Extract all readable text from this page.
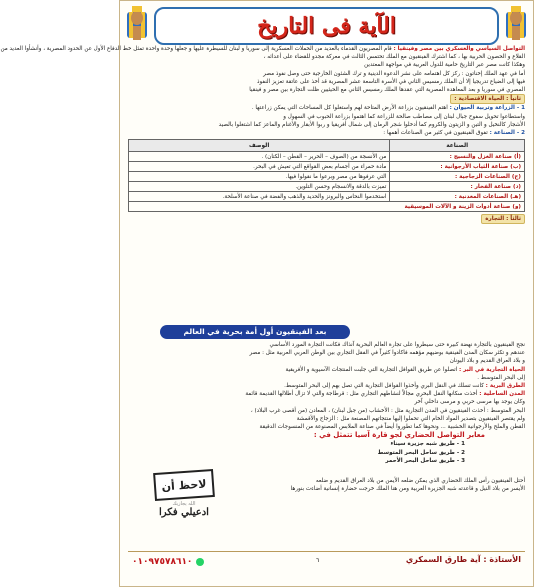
الآية فى التاريخ
التواصل السياسي والعسكري بين مصر وفينقيا : قام المصريون القدماء بالعديد من الحملات العسكرية إلى سوريا و لبنان للسيطرة عليها و جعلها وحدة واحدة تمثل خط الدفاع الأول عن الحدود المصرية ، وأنشأوا العديد من
القلاع و الحصون الحربية بها ، كما اشترك الفينقيون مع الملك تحتمس الثالث في معركة مجدو للقضاء على أعدائه ،
وهكذا كانت مصر عبر التاريخ حامية للدول العربية في مواجهة المعتدين
أما في عهد الملك إخناتون : ركز كل اهتمامه على نشر الدعوة الدينية و ترك الشئون الخارجية حتى وصل نفوذ مصر
فيها إلى الضياع تدريجيا إلا أن الملك رمسيس الثاني في الأسرة التاسعة عشر المصرية قد أخذ على عاتقة تعزيز النفوذ
المصري في سوريا و بعد المعاهدة المصرية التي عقدها الملك رمسيس الثاني مع الحيثيين ظلت التجارة بين مصر و فينقيا
ثانياً : الحياة الاقتصادية :
1 - الزراعة وتربية الحيوان : اهتم الفينقيون بزراعة الأرض المتاحة لهم واستغلوا كل المساحات التي يمكن زراعتها .
واستطاعوا تحويل سفوح جبال لبنان إلى مصاطب صالحة للزراعة كما اهتموا بزراعة الحبوب في السهول و
الأشجار كالنخيل و التين و الزيتون والكروم كما أدخلوا شجر الرمان إلى شمال أفريقيا و ربوا الأبقار والأغنام والماعز كما اشتغلوا بالصيد
2 - الصناعة : تفوق الفينقيون في كثير من الصناعات أهمها :
الصناعة	الوصف
(أ) صناعة الغزل والنسيج :	من الأنسجة من (الصوف – الحرير – القطن – الكتان) .
(ب) صناعة الثياب الأرجوانية :	مادة حمراء من أجسام بعض القواقع التي تعيش في البحر.
(ج) الصناعات الزجاجية :	التي عرفوها من مصر وبرعوا ما نقولوا فيها.
(د) صناعة الفخار :	تميزت بالدقة والانسجام وحسن التلوين.
(هـ) الصناعات المعدنية :	استخدموا النحاس والبرونز والحديد والذهب والفضة في صناعة الأسلحة.
(و) صناعة أدوات الزينة و الآلات الموسيقية	
ثالثاً : التجارة
بعد الفينقيون أول أمة بحرية في العالم
نجح الفينقيون بالتجارة نهضة كبيرة حتى سيطروا على تجارة العالم البحرية آنذاك فكانت التجارة المورد الأساسي
عندهم و تكثر سكان المدن الفينقية بوضيهم مؤهمه فاكادوا كثيراً في الفقل التجاري بين الوطن العربي العربية مثل : مصر
و بلاد العراق القديم و بلاد اليونان
الحياة التجارية في البر : اتصلوا عن طريق القوافل التجارية التي جلبت المنتجات الآسيوية و الأفريقية
إلى البحر المتوسط .
الطرق البرية : كانت تسلك في النقل البري وأخذوا القوافل التجارية التي تصل بهم إلى البحر المتوسط.
المدن الساحلية : أخذت سكانها النقل البحري مجالاً لنشاطهم التجاري مثل : قرطاجة والتي لا تزال أطلالها القديمة قائمة
وكان يوجد بها مرسى حربي و مرسى داخلي آخر
البحر المتوسط : أخذت الفينقيون في المدن التجارية مثل : الأخشاب (من جبل لبنان) ، المعادن (من أقصى غرب البلاد) ،
ولم يقتصر الفينقيون بتصدير المواد الخام التي تحملوا إليها منتجاتهم المصنعة مثل : الزجاج والأقمشة
القطن والملح والأرجوانية الخشبية ... ونحوها كما تطوروا أيضاً في صناعة الملابس المصنوعة من المنسوجات الدقيقة
معابر التواصل الحضاري لجو قارة آسيا تتمثل في :
1 - طريق شبه جزيرة سيناء
2 - طريق ساحل البحر المتوسط
3 - طريق ساحل البحر الأحمر
أحتل الفينقيون رأس الملك الحضاري الذي يمكن ضلعه الأيمن من بلاد العراق القديم و ضلعه
الأيسر من بلاد النيل و قاعدته شبه الجزيرة العربية ومن هنا الملك خرجت حضارة إنسانية أضاءت بنورها
لاحظ أن
الله يجازيك
ادعيلي فكرا
٠١٠٩٧٥٧٨٦١٠	٦	الأستاذة : آية طارق السمكري
